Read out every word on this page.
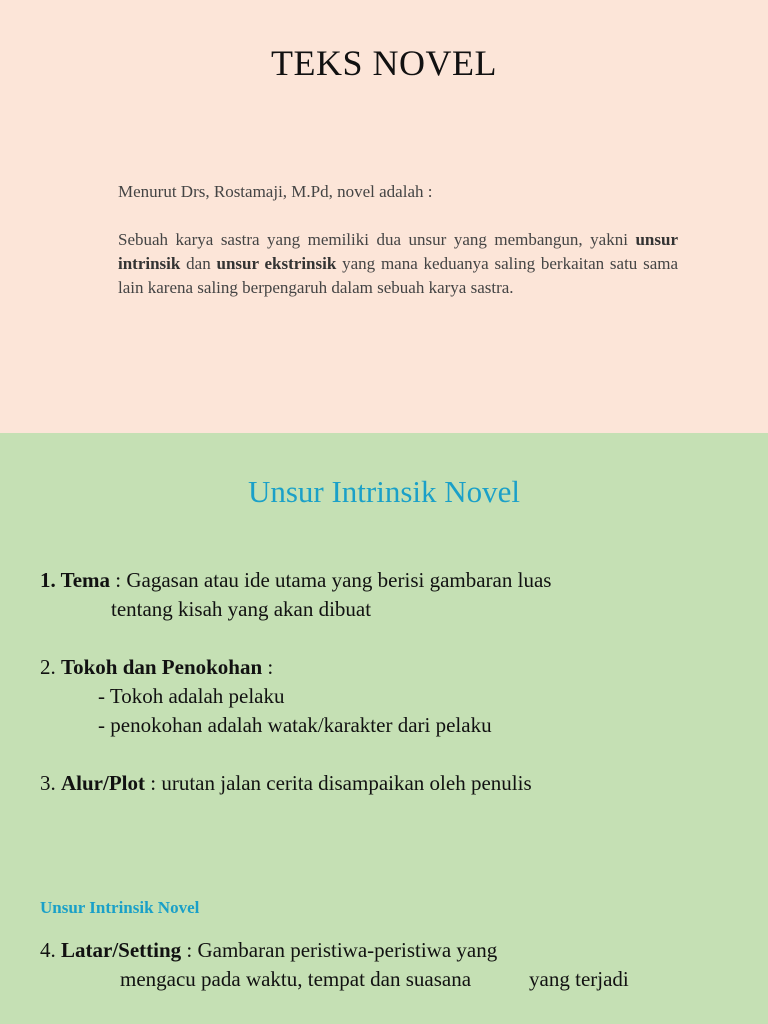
TEKS NOVEL

Menurut Drs, Rostamaji, M.Pd, novel adalah :

Sebuah karya sastra yang memiliki dua unsur yang membangun, yakni unsur intrinsik dan unsur ekstrinsik yang mana keduanya saling berkaitan satu sama lain karena saling berpengaruh dalam sebuah karya sastra.

Unsur Intrinsik Novel

1. Tema : Gagasan atau ide utama yang berisi gambaran luas

tentang kisah yang akan dibuat

2. Tokoh dan Penokohan :

- Tokoh adalah pelaku

- penokohan adalah watak/karakter dari pelaku

3. Alur/Plot : urutan jalan cerita disampaikan oleh penulis

Unsur Intrinsik Novel

4. Latar/Setting : Gambaran peristiwa-peristiwa yang

mengacu pada waktu, tempat dan suasana	yang terjadi
